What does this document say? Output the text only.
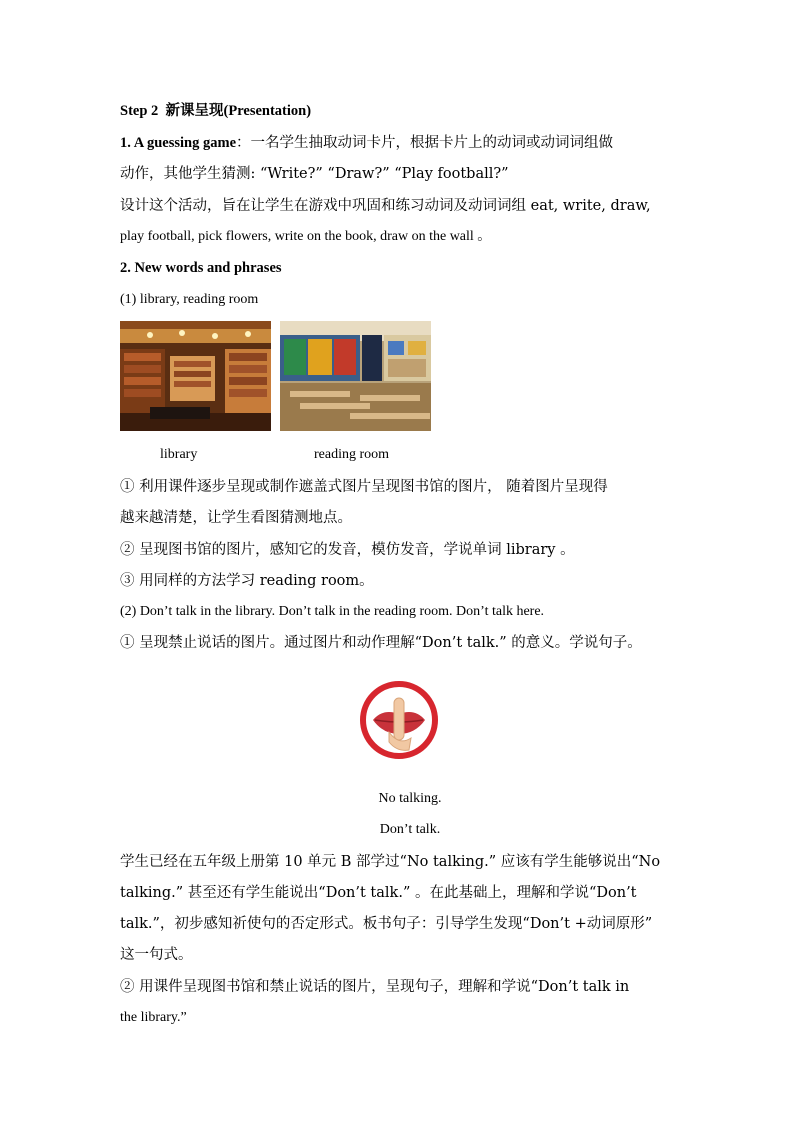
Step 2 新课呈现(Presentation)
1. A guessing game：一名学生抽取动词卡片，根据卡片上的动词或动词词组做
动作，其他学生猜测: “Write?” “Draw?” “Play football?”
设计这个活动，旨在让学生在游戏中巩固和练习动词及动词词组 eat, write, draw,
play football, pick flowers, write on the book, draw on the wall 。
2. New words and phrases
(1) library, reading room
library	reading room
① 利用课件逐步呈现或制作遮盖式图片呈现图书馆的图片， 随着图片呈现得
越来越清楚，让学生看图猜测地点。
② 呈现图书馆的图片，感知它的发音，模仿发音，学说单词 library 。
③ 用同样的方法学习 reading room。
(2) Don’t talk in the library. Don’t talk in the reading room. Don’t talk here.
① 呈现禁止说话的图片。通过图片和动作理解“Don’t talk.” 的意义。学说句子。
No talking.
Don’t talk.
学生已经在五年级上册第 10 单元 B 部学过“No talking.” 应该有学生能够说出“No
talking.” 甚至还有学生能说出“Don’t talk.” 。在此基础上，理解和学说“Don’t
talk.”，初步感知祈使句的否定形式。板书句子：引导学生发现“Don’t +动词原形”
这一句式。
② 用课件呈现图书馆和禁止说话的图片，呈现句子，理解和学说“Don’t talk in
the library.”
